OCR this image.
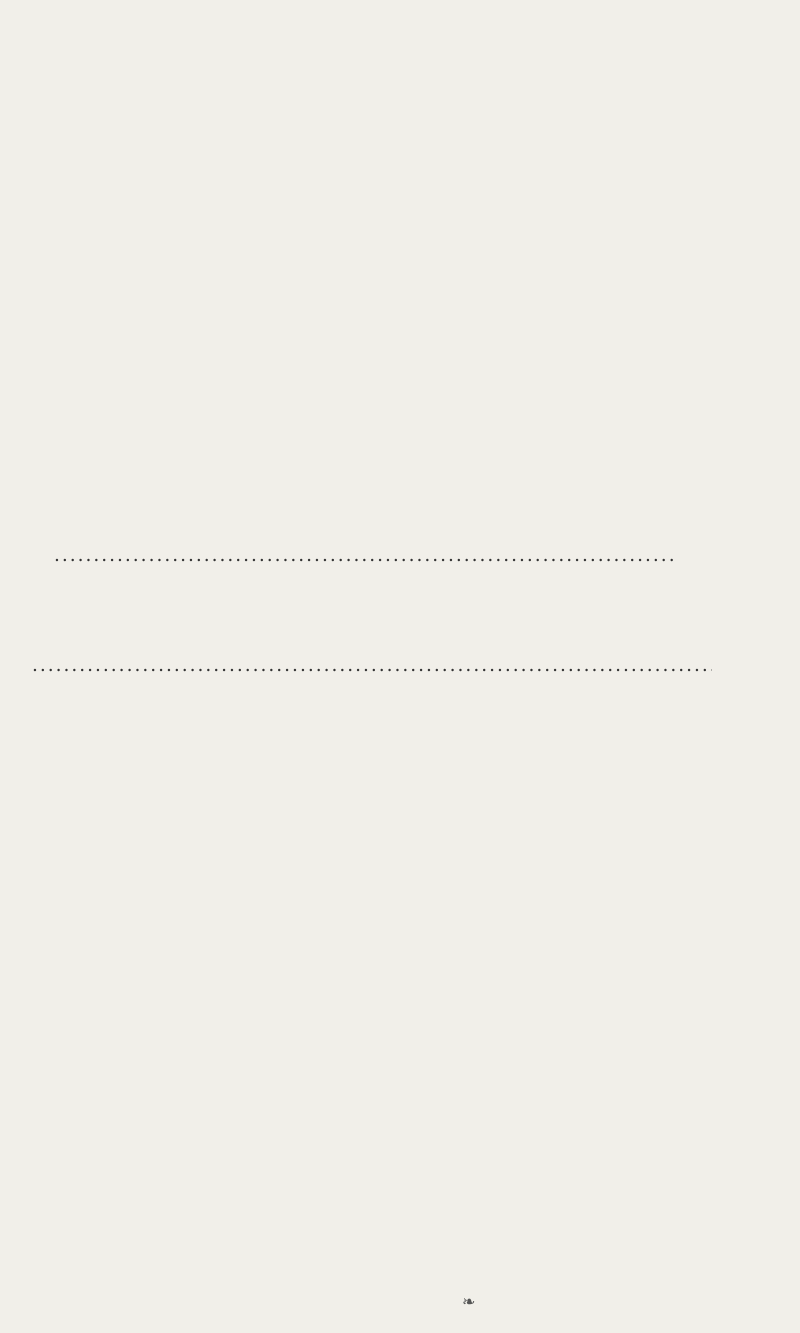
.....
.....
❧
